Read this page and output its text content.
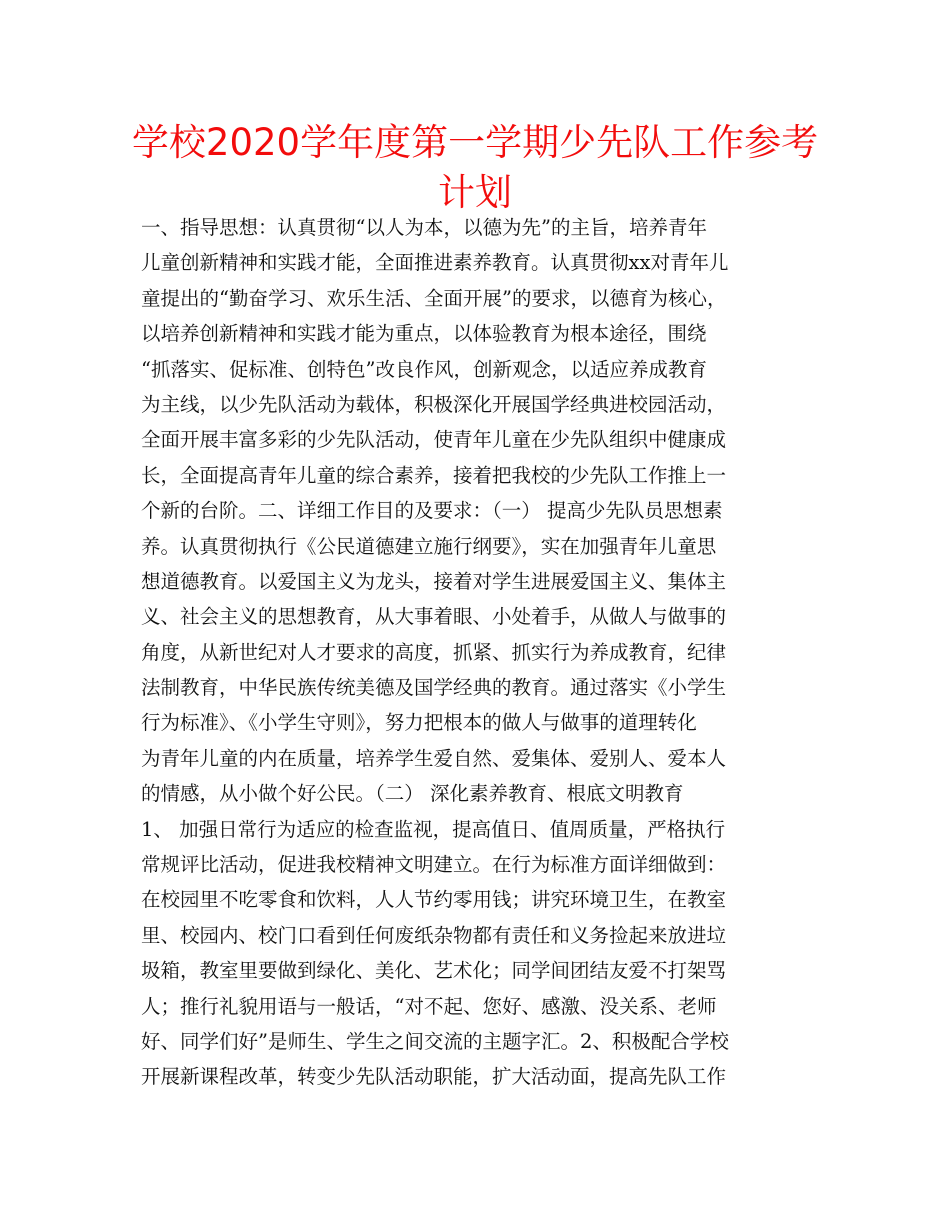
学校2020学年度第一学期少先队工作参考计划
一、指导思想：认真贯彻“以人为本，以德为先”的主旨，培养青年
儿童创新精神和实践才能，全面推进素养教育。认真贯彻xx对青年儿
童提出的“勤奋学习、欢乐生活、全面开展”的要求，以德育为核心，
以培养创新精神和实践才能为重点，以体验教育为根本途径，围绕
“抓落实、促标准、创特色”改良作风，创新观念，以适应养成教育
为主线，以少先队活动为载体，积极深化开展国学经典进校园活动，
全面开展丰富多彩的少先队活动，使青年儿童在少先队组织中健康成
长，全面提高青年儿童的综合素养，接着把我校的少先队工作推上一
个新的台阶。二、详细工作目的及要求：（一） 提高少先队员思想素
养。认真贯彻执行《公民道德建立施行纲要》，实在加强青年儿童思
想道德教育。以爱国主义为龙头，接着对学生进展爱国主义、集体主
义、社会主义的思想教育，从大事着眼、小处着手，从做人与做事的
角度，从新世纪对人才要求的高度，抓紧、抓实行为养成教育，纪律
法制教育，中华民族传统美德及国学经典的教育。通过落实《小学生
行为标准》、《小学生守则》，努力把根本的做人与做事的道理转化
为青年儿童的内在质量，培养学生爱自然、爱集体、爱别人、爱本人
的情感，从小做个好公民。（二） 深化素养教育、根底文明教育
1、 加强日常行为适应的检查监视，提高值日、值周质量，严格执行
常规评比活动，促进我校精神文明建立。在行为标准方面详细做到：
在校园里不吃零食和饮料，人人节约零用钱；讲究环境卫生，在教室
里、校园内、校门口看到任何废纸杂物都有责任和义务捡起来放进垃
圾箱，教室里要做到绿化、美化、艺术化；同学间团结友爱不打架骂
人；推行礼貌用语与一般话，“对不起、您好、感激、没关系、老师
好、同学们好”是师生、学生之间交流的主题字汇。2、积极配合学校
开展新课程改革，转变少先队活动职能，扩大活动面，提高先队工作
